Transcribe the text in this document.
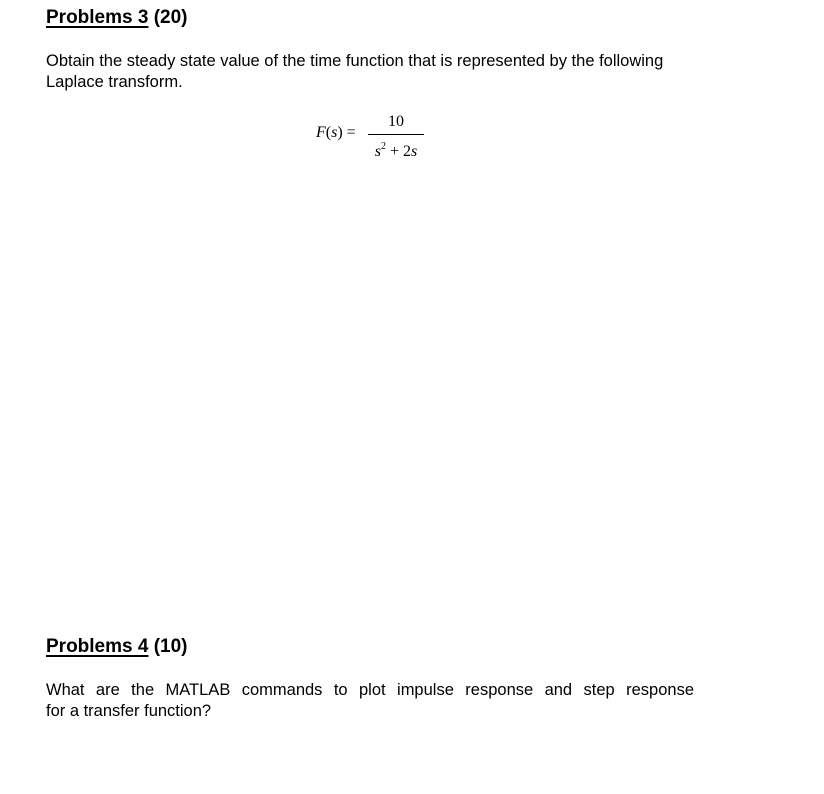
Problems 3 (20)

Obtain the steady state value of the time function that is represented by the following Laplace transform.

F(s) =
10
$s^2 + 2s$
Problems 4 (10)

What are the MATLAB commands to plot impulse response and step response
for a transfer function?
